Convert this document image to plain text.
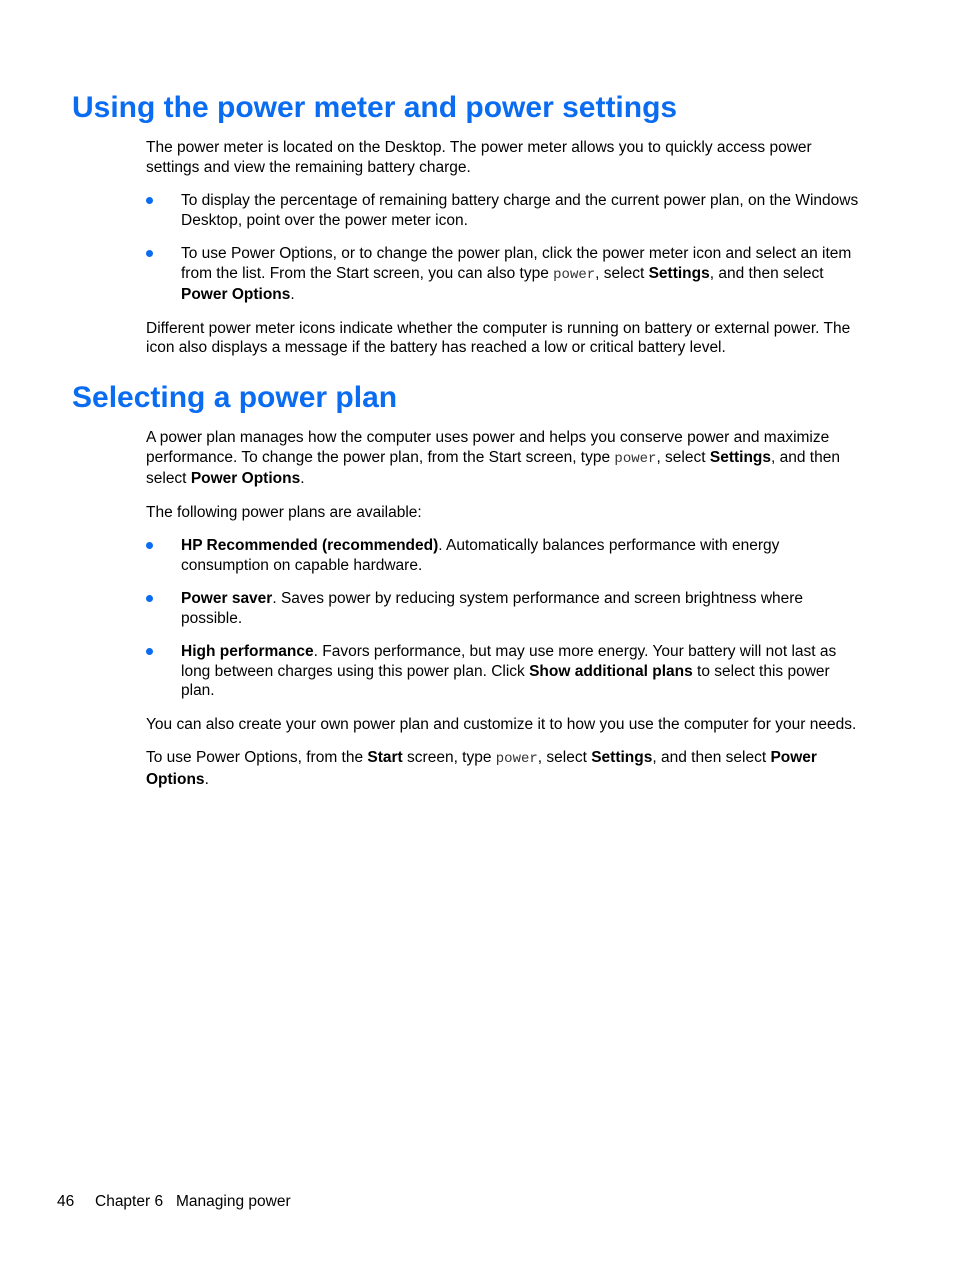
Using the power meter and power settings

The power meter is located on the Desktop. The power meter allows you to quickly access power settings and view the remaining battery charge.

To display the percentage of remaining battery charge and the current power plan, on the Windows Desktop, point over the power meter icon.
To use Power Options, or to change the power plan, click the power meter icon and select an item from the list. From the Start screen, you can also type power, select Settings, and then select Power Options.

Different power meter icons indicate whether the computer is running on battery or external power. The icon also displays a message if the battery has reached a low or critical battery level.

Selecting a power plan

A power plan manages how the computer uses power and helps you conserve power and maximize performance. To change the power plan, from the Start screen, type power, select Settings, and then select Power Options.

The following power plans are available:

HP Recommended (recommended). Automatically balances performance with energy consumption on capable hardware.
Power saver. Saves power by reducing system performance and screen brightness where possible.
High performance. Favors performance, but may use more energy. Your battery will not last as long between charges using this power plan. Click Show additional plans to select this power plan.

You can also create your own power plan and customize it to how you use the computer for your needs.

To use Power Options, from the Start screen, type power, select Settings, and then select Power Options.

46 Chapter 6 Managing power
